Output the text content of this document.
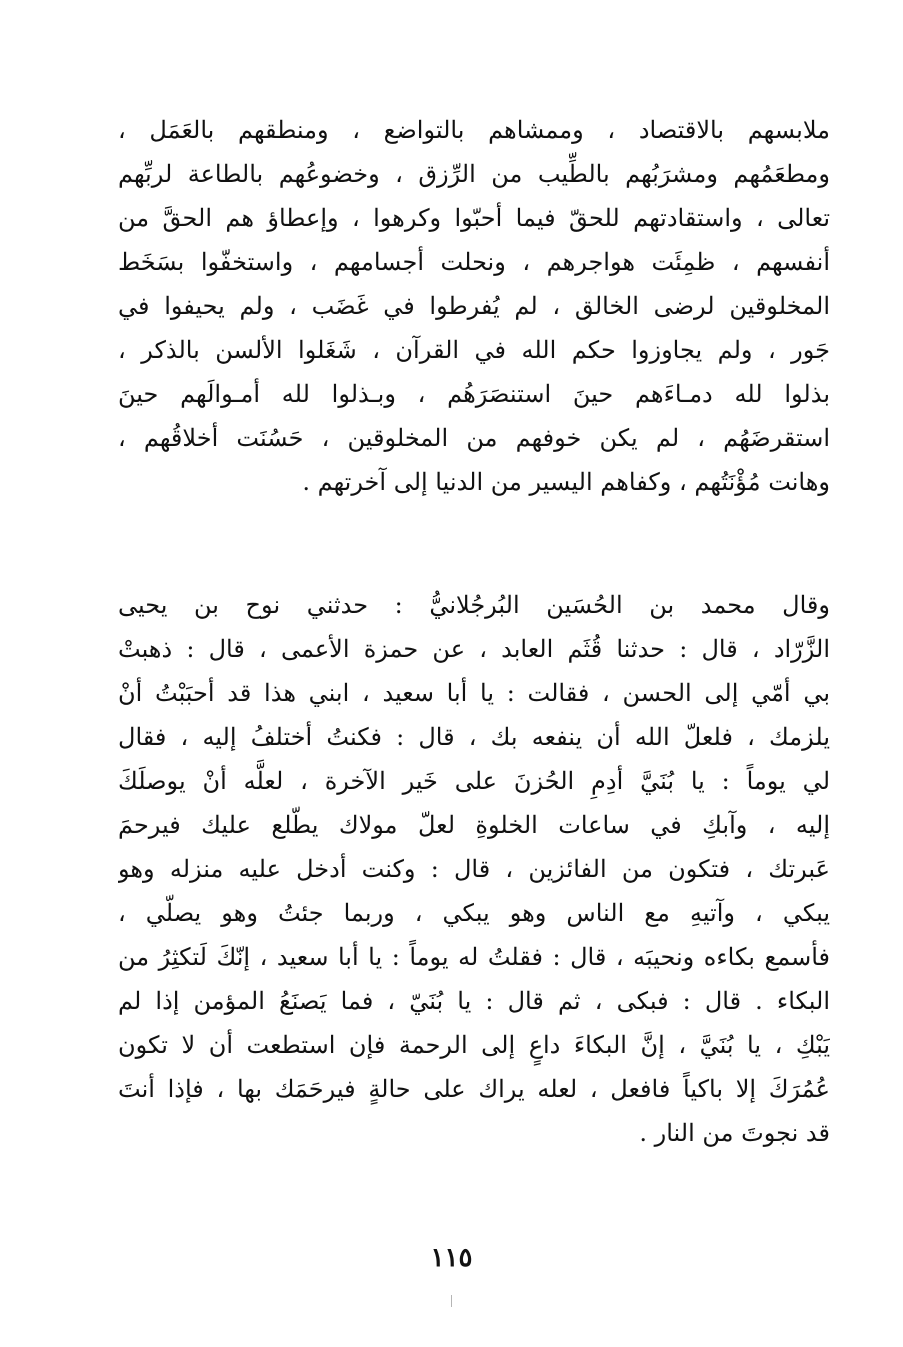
ملابسهم بالاقتصاد ، وممشاهم بالتواضع ، ومنطقهم بالعَمَل ،
ومطعَمُهم ومشرَبُهم بالطِّيب من الرِّزق ، وخضوعُهم بالطاعة لربِّهم
تعالى ، واستقادتهم للحقّ فيما أحبّوا وكرهوا ، وإعطاؤ هم الحقَّ من
أنفسهم ، ظمِئَت هواجرهم ، ونحلت أجسامهم ، واستخفّوا بسَخَط
المخلوقين لرضى الخالق ، لم يُفرطوا في غَضَب ، ولم يحيفوا في
جَور ، ولم يجاوزوا حكم الله في القرآن ، شَغَلوا الألسن بالذكر ،
بذلوا لله دمـاءَهم حينَ استنصَرَهُم ، وبـذلوا لله أمـوالَهم حينَ
استقرضَهُم ، لم يكن خوفهم من المخلوقين ، حَسُنَت أخلاقُهم ،
وهانت مُؤْنَتُهم ، وكفاهم اليسير من الدنيا إلى آخرتهم .
وقال محمد بن الحُسَين البُرجُلانيُّ : حدثني نوح بن يحيى
الزَّرّاد ، قال : حدثنا قُثَم العابد ، عن حمزة الأعمى ، قال : ذهبتْ
بي أمّي إلى الحسن ، فقالت : يا أبا سعيد ، ابني هذا قد أحبَبْتُ أنْ
يلزمك ، فلعلّ الله أن ينفعه بك ، قال : فكنتُ أختلفُ إليه ، فقال
لي يوماً : يا بُنَيَّ أدِمِ الحُزنَ على خَير الآخرة ، لعلَّه أنْ يوصلَكَ
إليه ، وآبكِ في ساعات الخلوةِ لعلّ مولاك يطّلع عليك فيرحمَ
عَبرتك ، فتكون من الفائزين ، قال : وكنت أدخل عليه منزله وهو
يبكي ، وآتيهِ مع الناس وهو يبكي ، وربما جئتُ وهو يصلّي ،
فأسمع بكاءه ونحيبَه ، قال : فقلتُ له يوماً : يا أبا سعيد ، إنّكَ لَتكثِرُ من
البكاء . قال : فبكى ، ثم قال : يا بُنَيّ ، فما يَصنَعُ المؤمن إذا لم
يَبْكِ ، يا بُنَيَّ ، إنَّ البكاءَ داعٍ إلى الرحمة فإن استطعت أن لا تكون
عُمُرَكَ إلا باكياً فافعل ، لعله يراك على حالةٍ فيرحَمَك بها ، فإذا أنتَ
قد نجوتَ من النار .
١١٥
